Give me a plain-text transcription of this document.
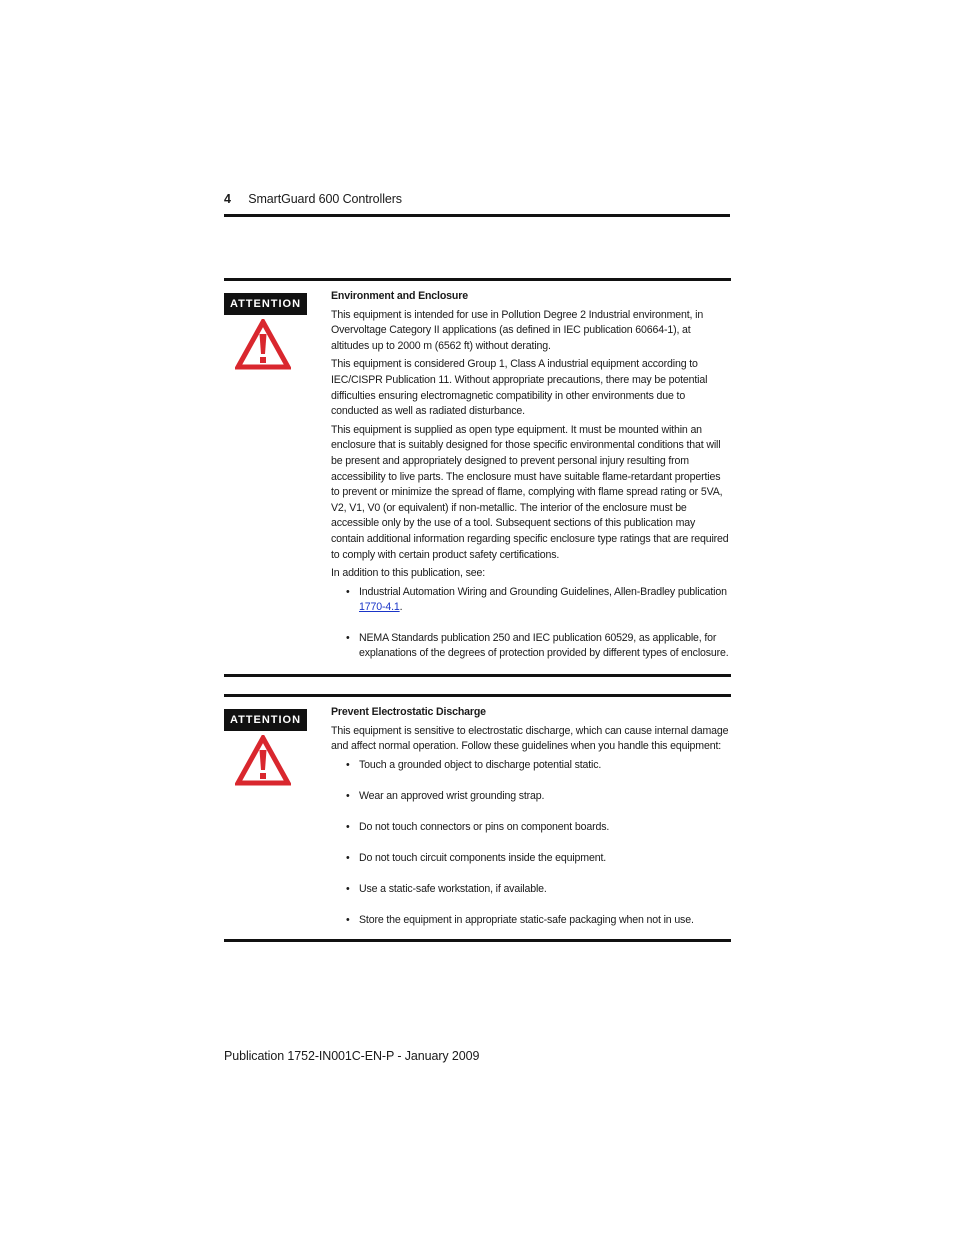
4 SmartGuard 600 Controllers
ATTENTION

Environment and Enclosure

This equipment is intended for use in Pollution Degree 2 Industrial environment, in Overvoltage Category II applications (as defined in IEC publication 60664-1), at altitudes up to 2000 m (6562 ft) without derating.

This equipment is considered Group 1, Class A industrial equipment according to IEC/CISPR Publication 11. Without appropriate precautions, there may be potential difficulties ensuring electromagnetic compatibility in other environments due to conducted as well as radiated disturbance.

This equipment is supplied as open type equipment. It must be mounted within an enclosure that is suitably designed for those specific environmental conditions that will be present and appropriately designed to prevent personal injury resulting from accessibility to live parts. The enclosure must have suitable flame-retardant properties to prevent or minimize the spread of flame, complying with flame spread rating or 5VA, V2, V1, V0 (or equivalent) if non-metallic. The interior of the enclosure must be accessible only by the use of a tool. Subsequent sections of this publication may contain additional information regarding specific enclosure type ratings that are required to comply with certain product safety certifications.

In addition to this publication, see:

• Industrial Automation Wiring and Grounding Guidelines, Allen-Bradley publication 1770-4.1.
• NEMA Standards publication 250 and IEC publication 60529, as applicable, for explanations of the degrees of protection provided by different types of enclosure.
ATTENTION

Prevent Electrostatic Discharge

This equipment is sensitive to electrostatic discharge, which can cause internal damage and affect normal operation. Follow these guidelines when you handle this equipment:

• Touch a grounded object to discharge potential static.
• Wear an approved wrist grounding strap.
• Do not touch connectors or pins on component boards.
• Do not touch circuit components inside the equipment.
• Use a static-safe workstation, if available.
• Store the equipment in appropriate static-safe packaging when not in use.
Publication 1752-IN001C-EN-P - January 2009
